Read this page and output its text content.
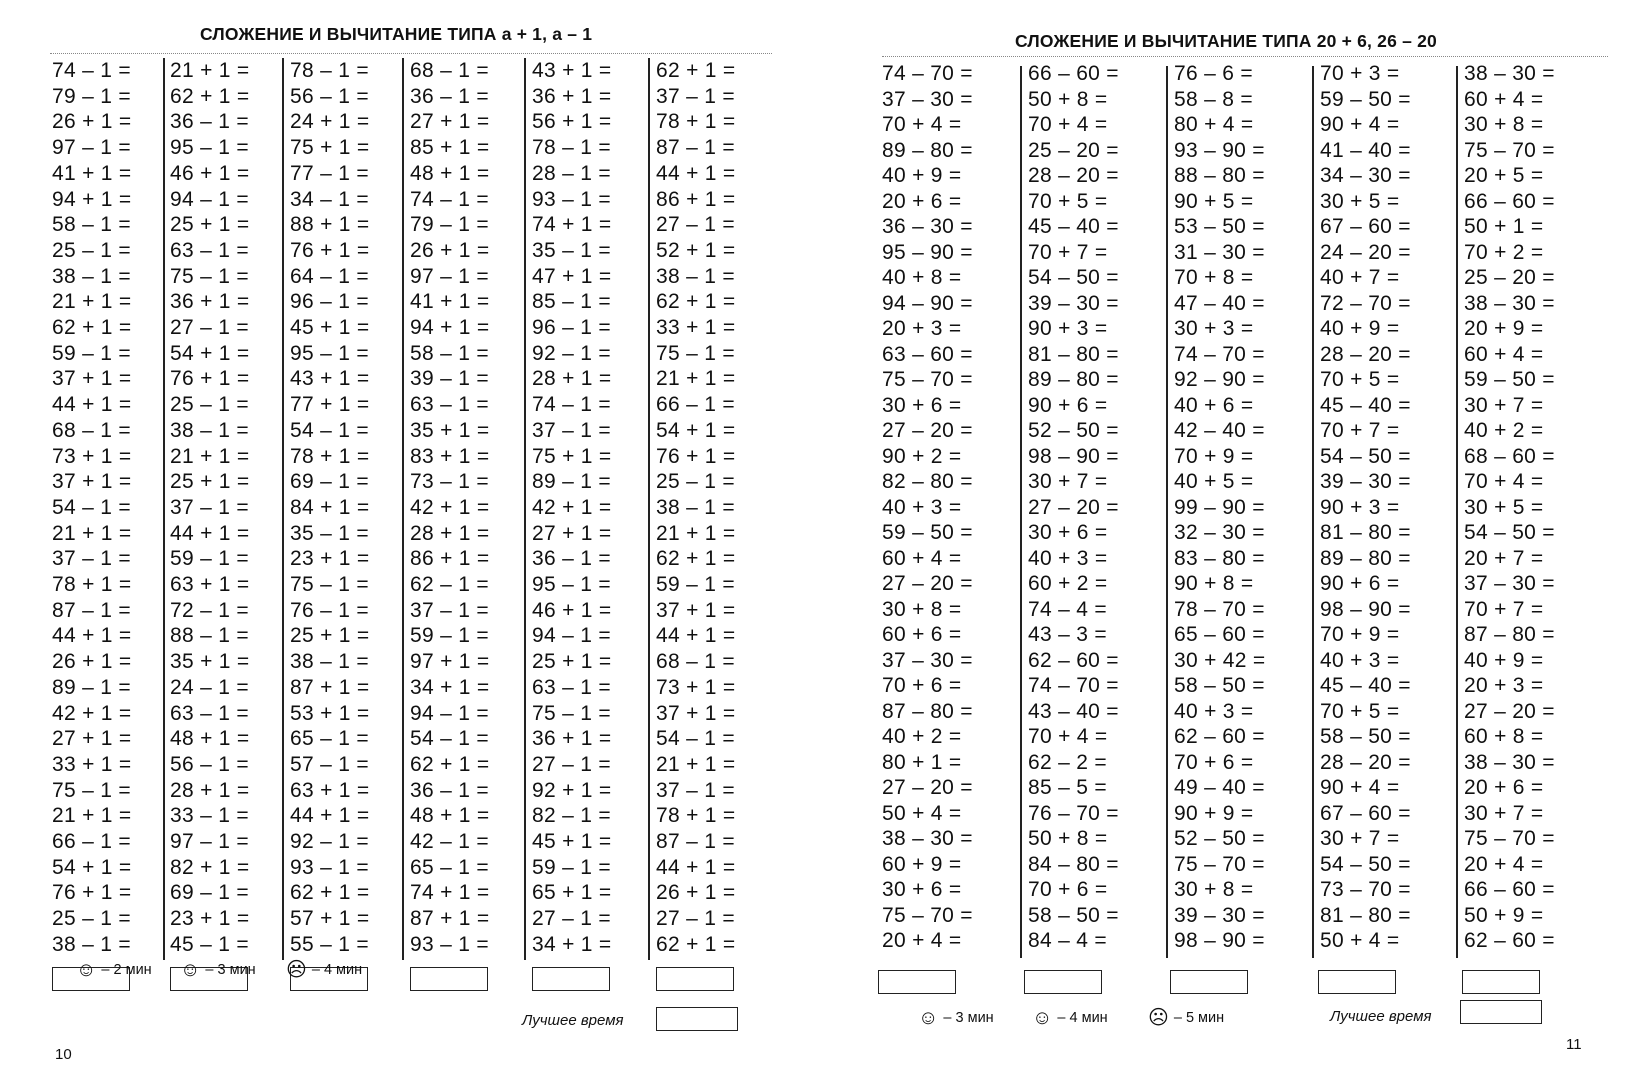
СЛОЖЕНИЕ И ВЫЧИТАНИЕ ТИПА а + 1, а – 1
74 – 1 =
79 – 1 =
26 + 1 =
97 – 1 =
41 + 1 =
94 + 1 =
58 – 1 =
25 – 1 =
38 – 1 =
21 + 1 =
62 + 1 =
59 – 1 =
37 + 1 =
44 + 1 =
68 – 1 =
73 + 1 =
37 + 1 =
54 – 1 =
21 + 1 =
37 – 1 =
78 + 1 =
87 – 1 =
44 + 1 =
26 + 1 =
89 – 1 =
42 + 1 =
27 + 1 =
33 + 1 =
75 – 1 =
21 + 1 =
66 – 1 =
54 + 1 =
76 + 1 =
25 – 1 =
38 – 1 =
21 + 1 =
62 + 1 =
36 – 1 =
95 – 1 =
46 + 1 =
94 – 1 =
25 + 1 =
63 – 1 =
75 – 1 =
36 + 1 =
27 – 1 =
54 + 1 =
76 + 1 =
25 – 1 =
38 – 1 =
21 + 1 =
25 + 1 =
37 – 1 =
44 + 1 =
59 – 1 =
63 + 1 =
72 – 1 =
88 – 1 =
35 + 1 =
24 – 1 =
63 – 1 =
48 + 1 =
56 – 1 =
28 + 1 =
33 – 1 =
97 – 1 =
82 + 1 =
69 – 1 =
23 + 1 =
45 – 1 =
78 – 1 =
56 – 1 =
24 + 1 =
75 + 1 =
77 – 1 =
34 – 1 =
88 + 1 =
76 + 1 =
64 – 1 =
96 – 1 =
45 + 1 =
95 – 1 =
43 + 1 =
77 + 1 =
54 – 1 =
78 + 1 =
69 – 1 =
84 + 1 =
35 – 1 =
23 + 1 =
75 – 1 =
76 – 1 =
25 + 1 =
38 – 1 =
87 + 1 =
53 + 1 =
65 – 1 =
57 – 1 =
63 + 1 =
44 + 1 =
92 – 1 =
93 – 1 =
62 + 1 =
57 + 1 =
55 – 1 =
68 – 1 =
36 – 1 =
27 + 1 =
85 + 1 =
48 + 1 =
74 – 1 =
79 – 1 =
26 + 1 =
97 – 1 =
41 + 1 =
94 + 1 =
58 – 1 =
39 – 1 =
63 – 1 =
35 + 1 =
83 + 1 =
73 – 1 =
42 + 1 =
28 + 1 =
86 + 1 =
62 – 1 =
37 – 1 =
59 – 1 =
97 + 1 =
34 + 1 =
94 – 1 =
54 – 1 =
62 + 1 =
36 – 1 =
48 + 1 =
42 – 1 =
65 – 1 =
74 + 1 =
87 + 1 =
93 – 1 =
43 + 1 =
36 + 1 =
56 + 1 =
78 – 1 =
28 – 1 =
93 – 1 =
74 + 1 =
35 – 1 =
47 + 1 =
85 – 1 =
96 – 1 =
92 – 1 =
28 + 1 =
74 – 1 =
37 – 1 =
75 + 1 =
89 – 1 =
42 + 1 =
27 + 1 =
36 – 1 =
95 – 1 =
46 + 1 =
94 – 1 =
25 + 1 =
63 – 1 =
75 – 1 =
36 + 1 =
27 – 1 =
92 + 1 =
82 – 1 =
45 + 1 =
59 – 1 =
65 + 1 =
27 – 1 =
34 + 1 =
62 + 1 =
37 – 1 =
78 + 1 =
87 – 1 =
44 + 1 =
86 + 1 =
27 – 1 =
52 + 1 =
38 – 1 =
62 + 1 =
33 + 1 =
75 – 1 =
21 + 1 =
66 – 1 =
54 + 1 =
76 + 1 =
25 – 1 =
38 – 1 =
21 + 1 =
62 + 1 =
59 – 1 =
37 + 1 =
44 + 1 =
68 – 1 =
73 + 1 =
37 + 1 =
54 – 1 =
21 + 1 =
37 – 1 =
78 + 1 =
87 – 1 =
44 + 1 =
26 + 1 =
27 – 1 =
62 + 1 =
☺ – 2 мин ☺ – 3 мин ☹ – 4 мин
Лучшее время
10
СЛОЖЕНИЕ И ВЫЧИТАНИЕ ТИПА 20 + 6, 26 – 20
74 – 70 =
37 – 30 =
70 + 4 =
89 – 80 =
40 + 9 =
20 + 6 =
36 – 30 =
95 – 90 =
40 + 8 =
94 – 90 =
20 + 3 =
63 – 60 =
75 – 70 =
30 + 6 =
27 – 20 =
90 + 2 =
82 – 80 =
40 + 3 =
59 – 50 =
60 + 4 =
27 – 20 =
30 + 8 =
60 + 6 =
37 – 30 =
70 + 6 =
87 – 80 =
40 + 2 =
80 + 1 =
27 – 20 =
50 + 4 =
38 – 30 =
60 + 9 =
30 + 6 =
75 – 70 =
20 + 4 =
66 – 60 =
50 + 8 =
70 + 4 =
25 – 20 =
28 – 20 =
70 + 5 =
45 – 40 =
70 + 7 =
54 – 50 =
39 – 30 =
90 + 3 =
81 – 80 =
89 – 80 =
90 + 6 =
52 – 50 =
98 – 90 =
30 + 7 =
27 – 20 =
30 + 6 =
40 + 3 =
60 + 2 =
74 – 4 =
43 – 3 =
62 – 60 =
74 – 70 =
43 – 40 =
70 + 4 =
62 – 2 =
85 – 5 =
76 – 70 =
50 + 8 =
84 – 80 =
70 + 6 =
58 – 50 =
84 – 4 =
76 – 6 =
58 – 8 =
80 + 4 =
93 – 90 =
88 – 80 =
90 + 5 =
53 – 50 =
31 – 30 =
70 + 8 =
47 – 40 =
30 + 3 =
74 – 70 =
92 – 90 =
40 + 6 =
42 – 40 =
70 + 9 =
40 + 5 =
99 – 90 =
32 – 30 =
83 – 80 =
90 + 8 =
78 – 70 =
65 – 60 =
30 + 42 =
58 – 50 =
40 + 3 =
62 – 60 =
70 + 6 =
49 – 40 =
90 + 9 =
52 – 50 =
75 – 70 =
30 + 8 =
39 – 30 =
98 – 90 =
70 + 3 =
59 – 50 =
90 + 4 =
41 – 40 =
34 – 30 =
30 + 5 =
67 – 60 =
24 – 20 =
40 + 7 =
72 – 70 =
40 + 9 =
28 – 20 =
70 + 5 =
45 – 40 =
70 + 7 =
54 – 50 =
39 – 30 =
90 + 3 =
81 – 80 =
89 – 80 =
90 + 6 =
98 – 90 =
70 + 9 =
40 + 3 =
45 – 40 =
70 + 5 =
58 – 50 =
28 – 20 =
90 + 4 =
67 – 60 =
30 + 7 =
54 – 50 =
73 – 70 =
81 – 80 =
50 + 4 =
38 – 30 =
60 + 4 =
30 + 8 =
75 – 70 =
20 + 5 =
66 – 60 =
50 + 1 =
70 + 2 =
25 – 20 =
38 – 30 =
20 + 9 =
60 + 4 =
59 – 50 =
30 + 7 =
40 + 2 =
68 – 60 =
70 + 4 =
30 + 5 =
54 – 50 =
20 + 7 =
37 – 30 =
70 + 7 =
87 – 80 =
40 + 9 =
20 + 3 =
27 – 20 =
60 + 8 =
38 – 30 =
20 + 6 =
30 + 7 =
75 – 70 =
20 + 4 =
66 – 60 =
50 + 9 =
62 – 60 =
☺ – 3 мин ☺ – 4 мин ☹ – 5 мин	Лучшее время
11
